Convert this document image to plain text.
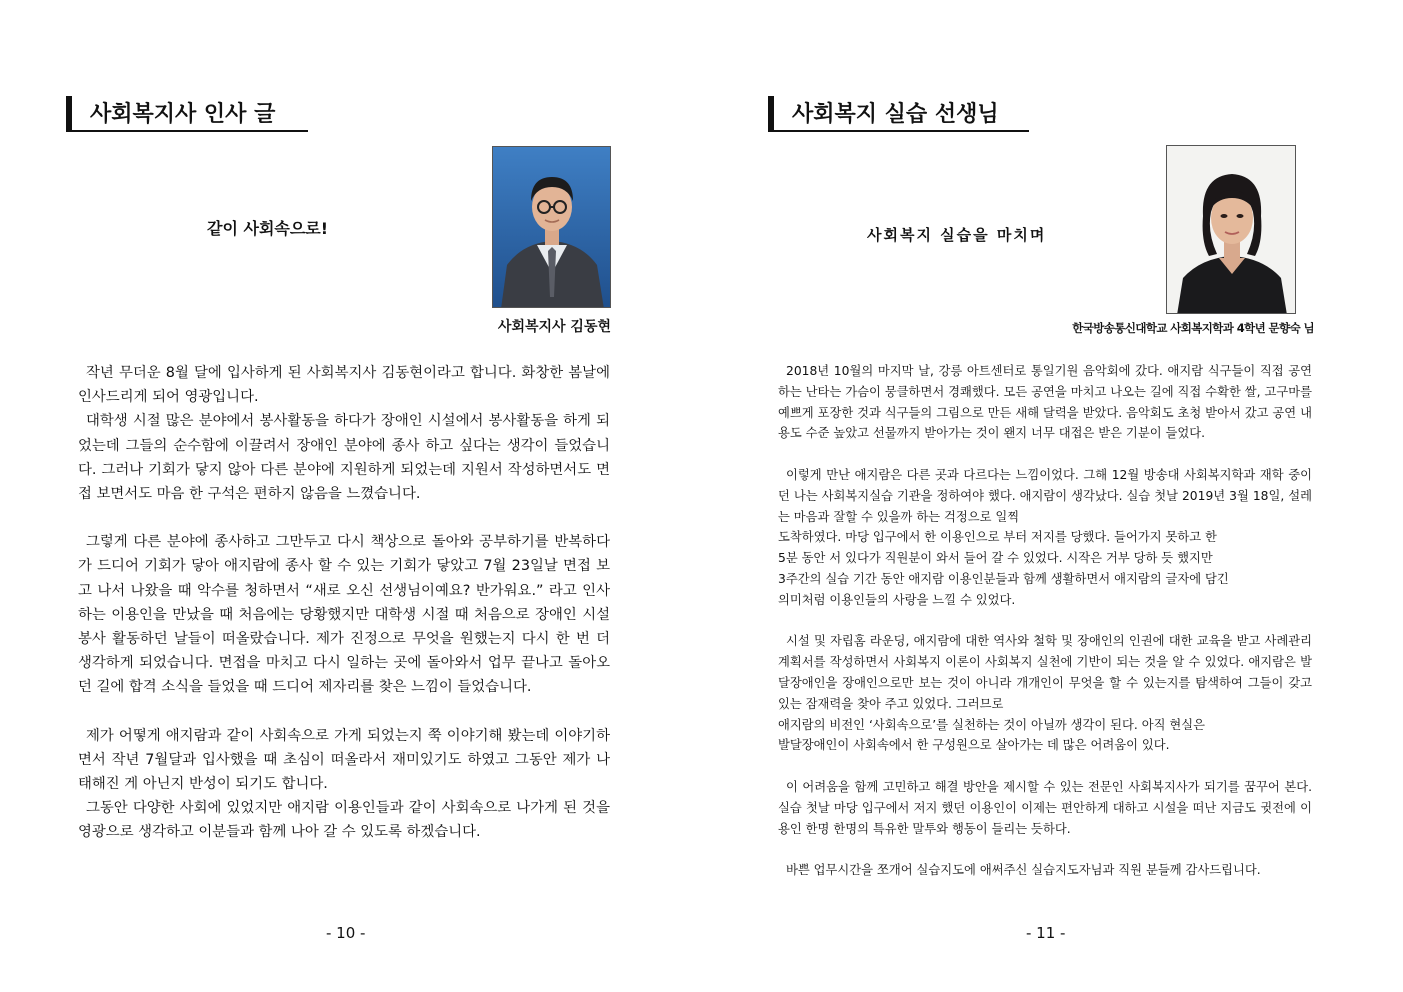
사회복지사 인사 글
같이 사회속으로!
사회복지사 김동현

작년 무더운 8월 달에 입사하게 된 사회복지사 김동현이라고 합니다. 화창한 봄날에 인사드리게 되어 영광입니다.

대학생 시절 많은 분야에서 봉사활동을 하다가 장애인 시설에서 봉사활동을 하게 되었는데 그들의 순수함에 이끌려서 장애인 분야에 종사 하고 싶다는 생각이 들었습니다. 그러나 기회가 닿지 않아 다른 분야에 지원하게 되었는데 지원서 작성하면서도 면접 보면서도 마음 한 구석은 편하지 않음을 느꼈습니다.

그렇게 다른 분야에 종사하고 그만두고 다시 책상으로 돌아와 공부하기를 반복하다가 드디어 기회가 닿아 애지람에 종사 할 수 있는 기회가 닿았고 7월 23일날 면접 보고 나서 나왔을 때 악수를 청하면서 “새로 오신 선생님이예요? 반가워요.” 라고 인사하는 이용인을 만났을 때 처음에는 당황했지만 대학생 시절 때 처음으로 장애인 시설 봉사 활동하던 날들이 떠올랐습니다. 제가 진정으로 무엇을 원했는지 다시 한 번 더 생각하게 되었습니다. 면접을 마치고 다시 일하는 곳에 돌아와서 업무 끝나고 돌아오던 길에 합격 소식을 들었을 때 드디어 제자리를 찾은 느낌이 들었습니다.

제가 어떻게 애지람과 같이 사회속으로 가게 되었는지 쭉 이야기해 봤는데 이야기하면서 작년 7월달과 입사했을 때 초심이 떠올라서 재미있기도 하였고 그동안 제가 나태해진 게 아닌지 반성이 되기도 합니다.

그동안 다양한 사회에 있었지만 애지람 이용인들과 같이 사회속으로 나가게 된 것을 영광으로 생각하고 이분들과 함께 나아 갈 수 있도록 하겠습니다.

- 10 -
사회복지 실습 선생님
사회복지 실습을 마치며
한국방송통신대학교 사회복지학과 4학년 문향숙 님

2018년 10월의 마지막 날, 강릉 아트센터로 통일기원 음악회에 갔다. 애지람 식구들이 직접 공연하는 난타는 가슴이 뭉클하면서 경쾌했다. 모든 공연을 마치고 나오는 길에 직접 수확한 쌀, 고구마를 예쁘게 포장한 것과 식구들의 그림으로 만든 새해 달력을 받았다. 음악회도 초청 받아서 갔고 공연 내용도 수준 높았고 선물까지 받아가는 것이 왠지 너무 대접은 받은 기분이 들었다.

이렇게 만난 애지람은 다른 곳과 다르다는 느낌이었다. 그해 12월 방송대 사회복지학과 재학 중이던 나는 사회복지실습 기관을 정하여야 했다. 애지람이 생각났다. 실습 첫날 2019년 3월 18일, 설레는 마음과 잘할 수 있을까 하는 걱정으로 일찍
도착하였다. 마당 입구에서 한 이용인으로 부터 저지를 당했다. 들어가지 못하고 한
5분 동안 서 있다가 직원분이 와서 들어 갈 수 있었다. 시작은 거부 당하 듯 했지만
3주간의 실습 기간 동안 애지람 이용인분들과 함께 생활하면서 애지람의 글자에 담긴
의미처럼 이용인들의 사랑을 느낄 수 있었다.

시설 및 자립홈 라운딩, 애지람에 대한 역사와 철학 및 장애인의 인권에 대한 교육을 받고 사례관리 계획서를 작성하면서 사회복지 이론이 사회복지 실천에 기반이 되는 것을 알 수 있었다. 애지람은 발달장애인을 장애인으로만 보는 것이 아니라 개개인이 무엇을 할 수 있는지를 탐색하여 그들이 갖고 있는 잠재력을 찾아 주고 있었다. 그러므로
애지람의 비전인 ‘사회속으로’를 실천하는 것이 아닐까 생각이 된다. 아직 현실은
발달장애인이 사회속에서 한 구성원으로 살아가는 데 많은 어려움이 있다.

이 어려움을 함께 고민하고 해결 방안을 제시할 수 있는 전문인 사회복지사가 되기를 꿈꾸어 본다. 실습 첫날 마당 입구에서 저지 했던 이용인이 이제는 편안하게 대하고 시설을 떠난 지금도 귓전에 이용인 한명 한명의 특유한 말투와 행동이 들리는 듯하다.

바쁜 업무시간을 쪼개어 실습지도에 애써주신 실습지도자님과 직원 분들께 감사드립니다.

- 11 -
